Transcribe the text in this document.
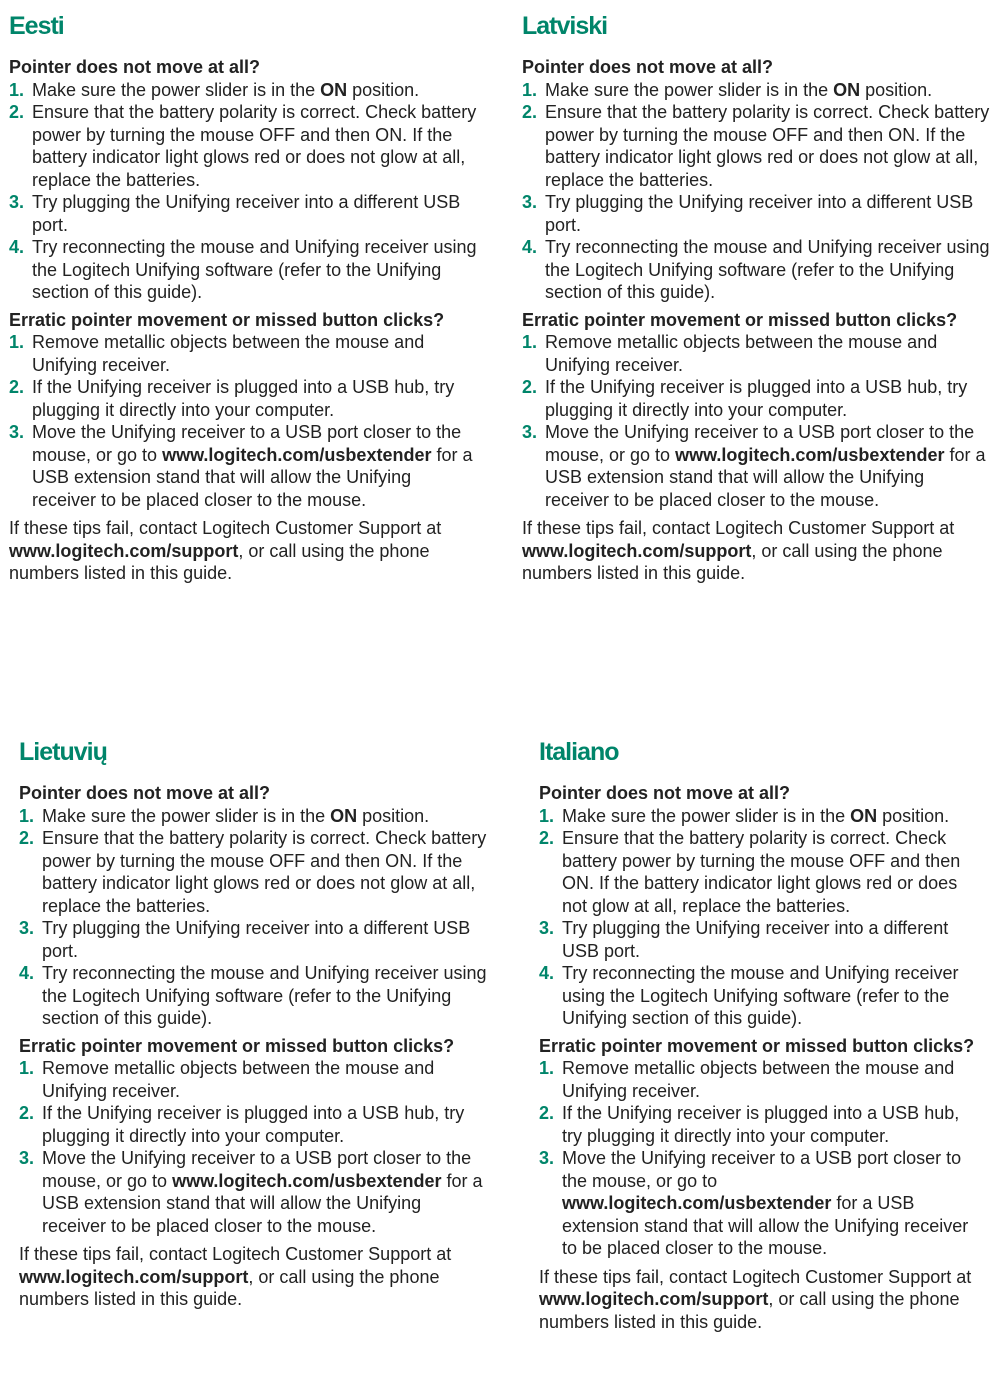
Eesti
Pointer does not move at all?
1. Make sure the power slider is in the ON position.
2. Ensure that the battery polarity is correct. Check battery power by turning the mouse OFF and then ON. If the battery indicator light glows red or does not glow at all, replace the batteries.
3. Try plugging the Unifying receiver into a different USB port.
4. Try reconnecting the mouse and Unifying receiver using the Logitech Unifying software (refer to the Unifying section of this guide).
Erratic pointer movement or missed button clicks?
1. Remove metallic objects between the mouse and Unifying receiver.
2. If the Unifying receiver is plugged into a USB hub, try plugging it directly into your computer.
3. Move the Unifying receiver to a USB port closer to the mouse, or go to www.logitech.com/usbextender for a USB extension stand that will allow the Unifying receiver to be placed closer to the mouse.
If these tips fail, contact Logitech Customer Support at www.logitech.com/support, or call using the phone numbers listed in this guide.
Latviski
Pointer does not move at all?
1. Make sure the power slider is in the ON position.
2. Ensure that the battery polarity is correct. Check battery power by turning the mouse OFF and then ON. If the battery indicator light glows red or does not glow at all, replace the batteries.
3. Try plugging the Unifying receiver into a different USB port.
4. Try reconnecting the mouse and Unifying receiver using the Logitech Unifying software (refer to the Unifying section of this guide).
Erratic pointer movement or missed button clicks?
1. Remove metallic objects between the mouse and Unifying receiver.
2. If the Unifying receiver is plugged into a USB hub, try plugging it directly into your computer.
3. Move the Unifying receiver to a USB port closer to the mouse, or go to www.logitech.com/usbextender for a USB extension stand that will allow the Unifying receiver to be placed closer to the mouse.
If these tips fail, contact Logitech Customer Support at www.logitech.com/support, or call using the phone numbers listed in this guide.
Lietuvių
Pointer does not move at all?
1. Make sure the power slider is in the ON position.
2. Ensure that the battery polarity is correct. Check battery power by turning the mouse OFF and then ON. If the battery indicator light glows red or does not glow at all, replace the batteries.
3. Try plugging the Unifying receiver into a different USB port.
4. Try reconnecting the mouse and Unifying receiver using the Logitech Unifying software (refer to the Unifying section of this guide).
Erratic pointer movement or missed button clicks?
1. Remove metallic objects between the mouse and Unifying receiver.
2. If the Unifying receiver is plugged into a USB hub, try plugging it directly into your computer.
3. Move the Unifying receiver to a USB port closer to the mouse, or go to www.logitech.com/usbextender for a USB extension stand that will allow the Unifying receiver to be placed closer to the mouse.
If these tips fail, contact Logitech Customer Support at www.logitech.com/support, or call using the phone numbers listed in this guide.
Italiano
Pointer does not move at all?
1. Make sure the power slider is in the ON position.
2. Ensure that the battery polarity is correct. Check battery power by turning the mouse OFF and then ON. If the battery indicator light glows red or does not glow at all, replace the batteries.
3. Try plugging the Unifying receiver into a different USB port.
4. Try reconnecting the mouse and Unifying receiver using the Logitech Unifying software (refer to the Unifying section of this guide).
Erratic pointer movement or missed button clicks?
1. Remove metallic objects between the mouse and Unifying receiver.
2. If the Unifying receiver is plugged into a USB hub, try plugging it directly into your computer.
3. Move the Unifying receiver to a USB port closer to the mouse, or go to www.logitech.com/usbextender for a USB extension stand that will allow the Unifying receiver to be placed closer to the mouse.
If these tips fail, contact Logitech Customer Support at www.logitech.com/support, or call using the phone numbers listed in this guide.
